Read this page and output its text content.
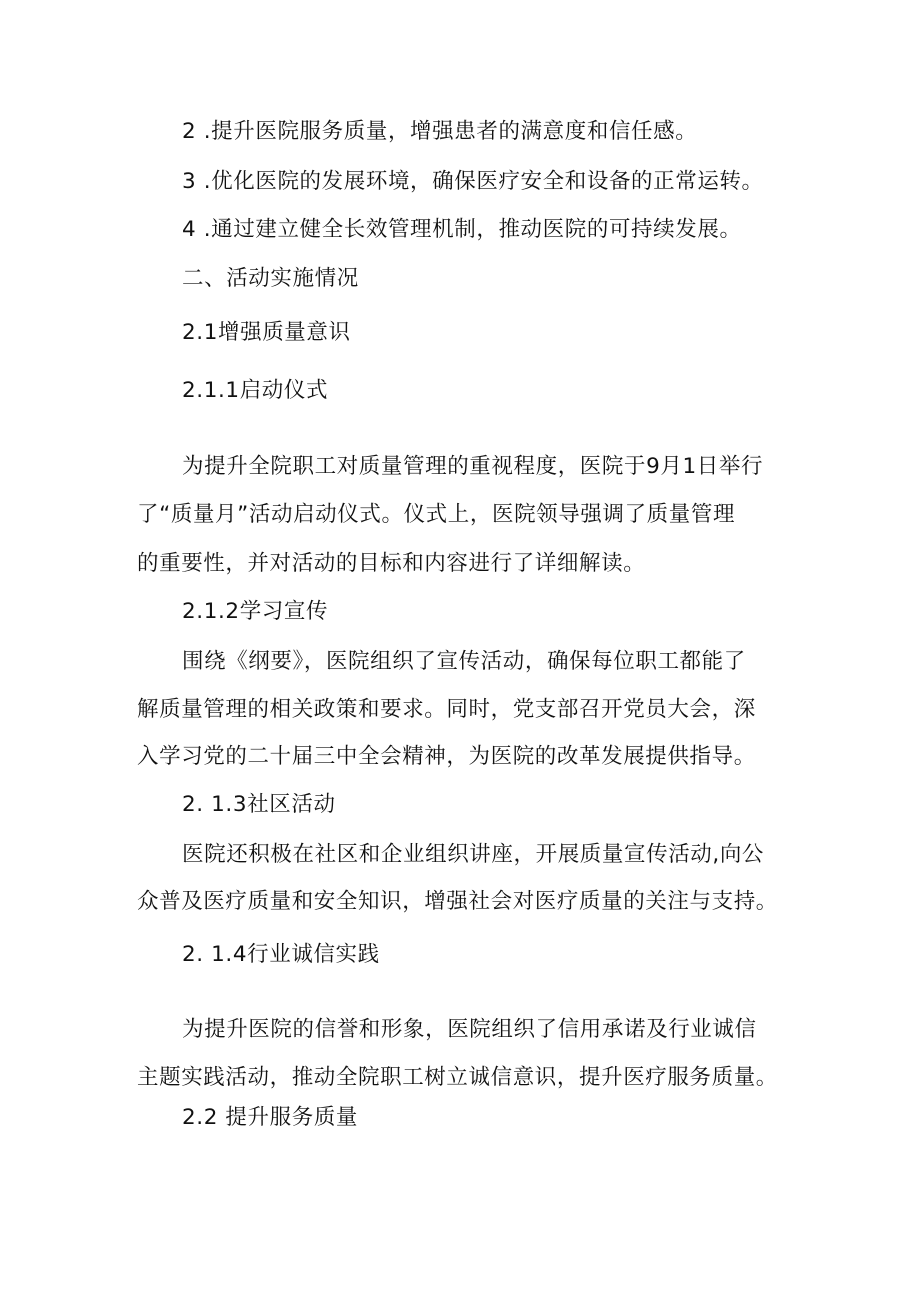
2 .提升医院服务质量，增强患者的满意度和信任感。
3 .优化医院的发展环境，确保医疗安全和设备的正常运转。
4 .通过建立健全长效管理机制，推动医院的可持续发展。
二、活动实施情况
2.1增强质量意识
2.1.1启动仪式
为提升全院职工对质量管理的重视程度，医院于9月1日举行
了“质量月”活动启动仪式。仪式上，医院领导强调了质量管理
的重要性，并对活动的目标和内容进行了详细解读。
2.1.2学习宣传
围绕《纲要》，医院组织了宣传活动，确保每位职工都能了
解质量管理的相关政策和要求。同时，党支部召开党员大会，深
入学习党的二十届三中全会精神，为医院的改革发展提供指导。
2. 1.3社区活动
医院还积极在社区和企业组织讲座，开展质量宣传活动,向公
众普及医疗质量和安全知识，增强社会对医疗质量的关注与支持。
2. 1.4行业诚信实践
为提升医院的信誉和形象，医院组织了信用承诺及行业诚信
主题实践活动，推动全院职工树立诚信意识，提升医疗服务质量。
2.2 提升服务质量
